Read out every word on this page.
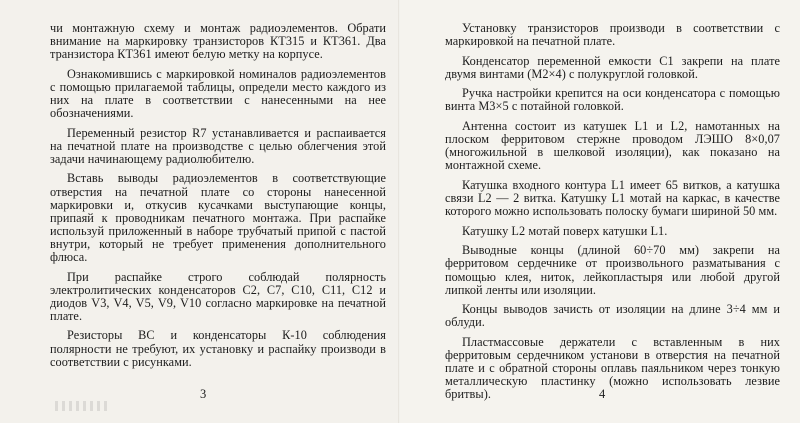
чи монтажную схему и монтаж радиоэлементов. Обрати внимание на маркировку транзисторов КТ315 и КТ361. Два транзистора КТ361 имеют белую метку на корпусе.

Ознакомившись с маркировкой номиналов радиоэлементов с помощью прилагаемой таблицы, определи место каждого из них на плате в соответствии с нанесенными на нее обозначениями.

Переменный резистор R7 устанавливается и распаивается на печатной плате на производстве с целью облегчения этой задачи начинающему радиолюбителю.

Вставь выводы радиоэлементов в соответствующие отверстия на печатной плате со стороны нанесенной маркировки и, откусив кусачками выступающие концы, припаяй к проводникам печатного монтажа. При распайке используй приложенный в наборе трубчатый припой с пастой внутри, который не требует применения дополнительного флюса.

При распайке строго соблюдай полярность электролитических конденсаторов С2, С7, С10, С11, С12 и диодов V3, V4, V5, V9, V10 согласно маркировке на печатной плате.

Резисторы ВС и конденсаторы К-10 соблюдения полярности не требуют, их установку и распайку производи в соответствии с рисунками.

3

Установку транзисторов производи в соответствии с маркировкой на печатной плате.

Конденсатор переменной емкости С1 закрепи на плате двумя винтами (М2×4) с полукруглой головкой.

Ручка настройки крепится на оси конденсатора с помощью винта М3×5 с потайной головкой.

Антенна состоит из катушек L1 и L2, намотанных на плоском ферритовом стержне проводом ЛЭШО 8×0,07 (многожильной в шелковой изоляции), как показано на монтажной схеме.

Катушка входного контура L1 имеет 65 витков, а катушка связи L2 — 2 витка. Катушку L1 мотай на каркас, в качестве которого можно использовать полоску бумаги шириной 50 мм.

Катушку L2 мотай поверх катушки L1.

Выводные концы (длиной 60÷70 мм) закрепи на ферритовом сердечнике от произвольного разматывания с помощью клея, ниток, лейкопластыря или любой другой липкой ленты или изоляции.

Концы выводов зачисть от изоляции на длине 3÷4 мм и облуди.

Пластмассовые держатели с вставленным в них ферритовым сердечником установи в отверстия на печатной плате и с обратной стороны оплавь паяльником через тонкую металлическую пластинку (можно использовать лезвие бритвы).	4
